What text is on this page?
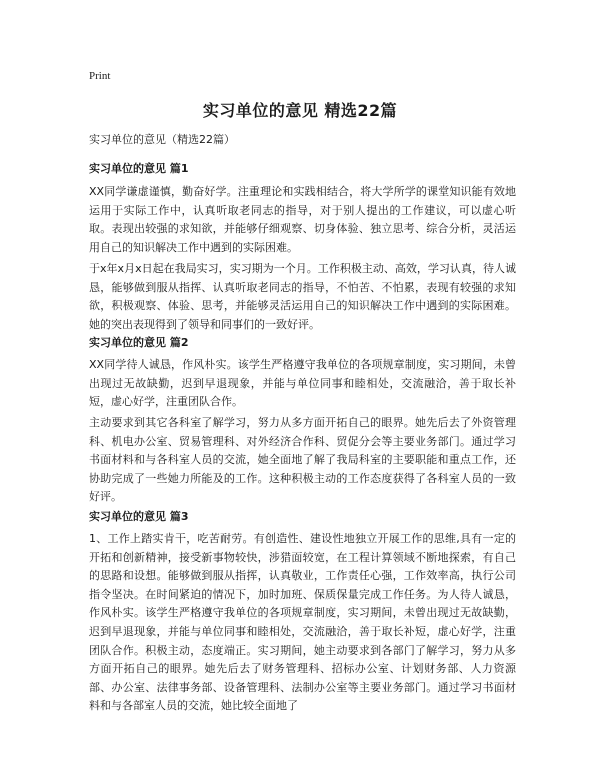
Print
实习单位的意见 精选22篇
实习单位的意见（精选22篇）
实习单位的意见 篇1

XX同学谦虚谨慎，勤奋好学。注重理论和实践相结合，将大学所学的课堂知识能有效地运用于实际工作中，认真听取老同志的指导，对于别人提出的工作建议，可以虚心听取。表现出较强的求知欲，并能够仔细观察、切身体验、独立思考、综合分析，灵活运用自己的知识解决工作中遇到的实际困难。

于x年x月x日起在我局实习，实习期为一个月。工作积极主动、高效，学习认真，待人诚恳，能够做到服从指挥、认真听取老同志的指导，不怕苦、不怕累，表现有较强的求知欲，积极观察、体验、思考，并能够灵活运用自己的知识解决工作中遇到的实际困难。她的突出表现得到了领导和同事们的一致好评。

实习单位的意见 篇2

XX同学待人诚恳，作风朴实。该学生严格遵守我单位的各项规章制度，实习期间，未曾出现过无故缺勤，迟到早退现象，并能与单位同事和睦相处，交流融洽，善于取长补短，虚心好学，注重团队合作。

主动要求到其它各科室了解学习，努力从多方面开拓自己的眼界。她先后去了外资管理科、机电办公室、贸易管理科、对外经济合作科、贸促分会等主要业务部门。通过学习书面材料和与各科室人员的交流，她全面地了解了我局科室的主要职能和重点工作，还协助完成了一些她力所能及的工作。这种积极主动的工作态度获得了各科室人员的一致好评。

实习单位的意见 篇3

1、工作上踏实肯干，吃苦耐劳。有创造性、建设性地独立开展工作的思维,具有一定的开拓和创新精神，接受新事物较快，涉猎面较宽，在工程计算领域不断地探索，有自己的思路和设想。能够做到服从指挥，认真敬业，工作责任心强，工作效率高，执行公司指令坚决。在时间紧迫的情况下，加时加班、保质保量完成工作任务。为人待人诚恳，作风朴实。该学生严格遵守我单位的各项规章制度，实习期间，未曾出现过无故缺勤，迟到早退现象，并能与单位同事和睦相处，交流融洽，善于取长补短，虚心好学，注重团队合作。积极主动，态度端正。实习期间，她主动要求到各部门了解学习，努力从多方面开拓自己的眼界。她先后去了财务管理科、招标办公室、计划财务部、人力资源部、办公室、法律事务部、设备管理科、法制办公室等主要业务部门。通过学习书面材料和与各部室人员的交流，她比较全面地了
